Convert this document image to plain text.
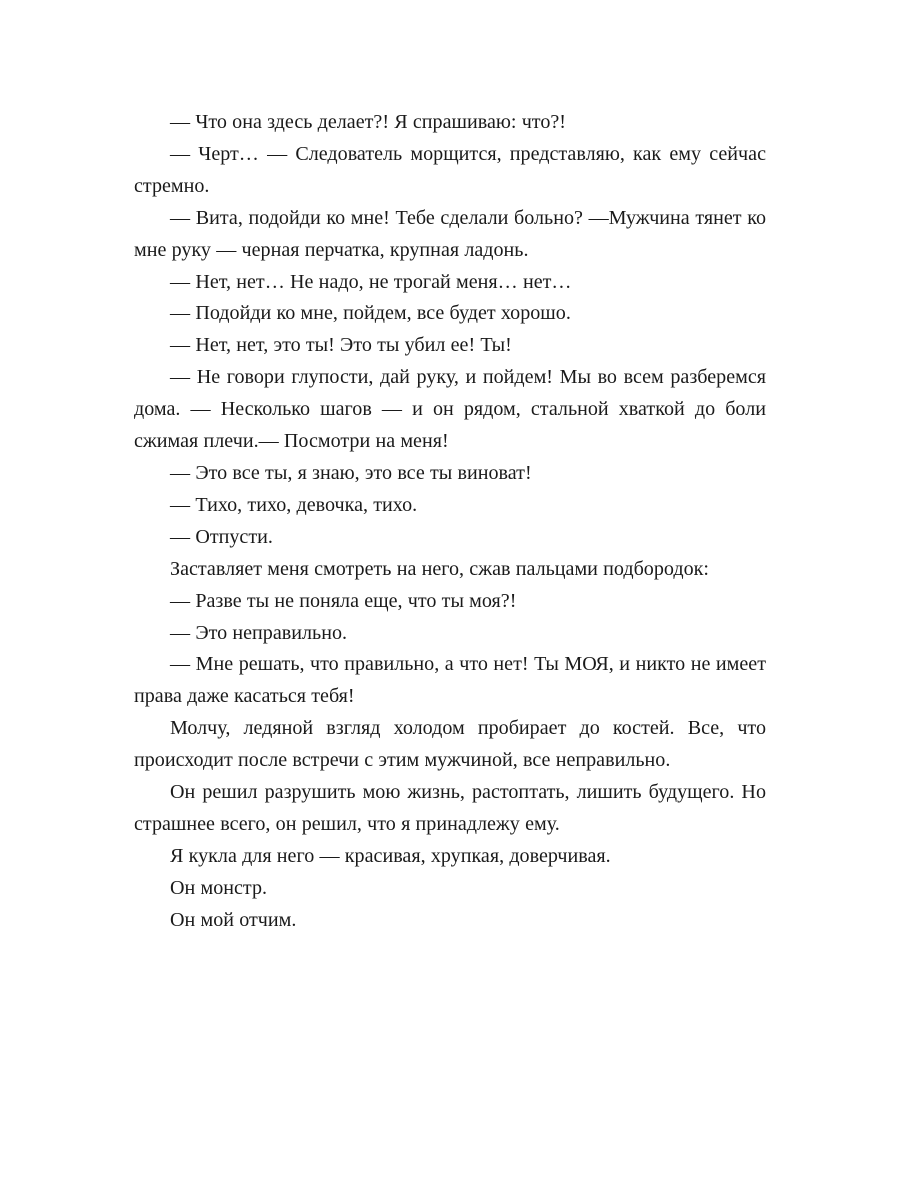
— Что она здесь делает?! Я спрашиваю: что?!

— Черт… — Следователь морщится, представляю, как ему сейчас стремно.

— Вита, подойди ко мне! Тебе сделали больно? —Мужчина тянет ко мне руку — черная перчатка, крупная ладонь.

— Нет, нет… Не надо, не трогай меня… нет…

— Подойди ко мне, пойдем, все будет хорошо.

— Нет, нет, это ты! Это ты убил ее! Ты!

— Не говори глупости, дай руку, и пойдем! Мы во всем разберемся дома. — Несколько шагов — и он рядом, стальной хваткой до боли сжимая плечи.— Посмотри на меня!

— Это все ты, я знаю, это все ты виноват!

— Тихо, тихо, девочка, тихо.

— Отпусти.

Заставляет меня смотреть на него, сжав пальцами подбородок:

— Разве ты не поняла еще, что ты моя?!

— Это неправильно.

— Мне решать, что правильно, а что нет! Ты МОЯ, и никто не имеет права даже касаться тебя!

Молчу, ледяной взгляд холодом пробирает до костей. Все, что происходит после встречи с этим мужчиной, все неправильно.

Он решил разрушить мою жизнь, растоптать, лишить будущего. Но страшнее всего, он решил, что я принадлежу ему.

Я кукла для него — красивая, хрупкая, доверчивая.

Он монстр.

Он мой отчим.
